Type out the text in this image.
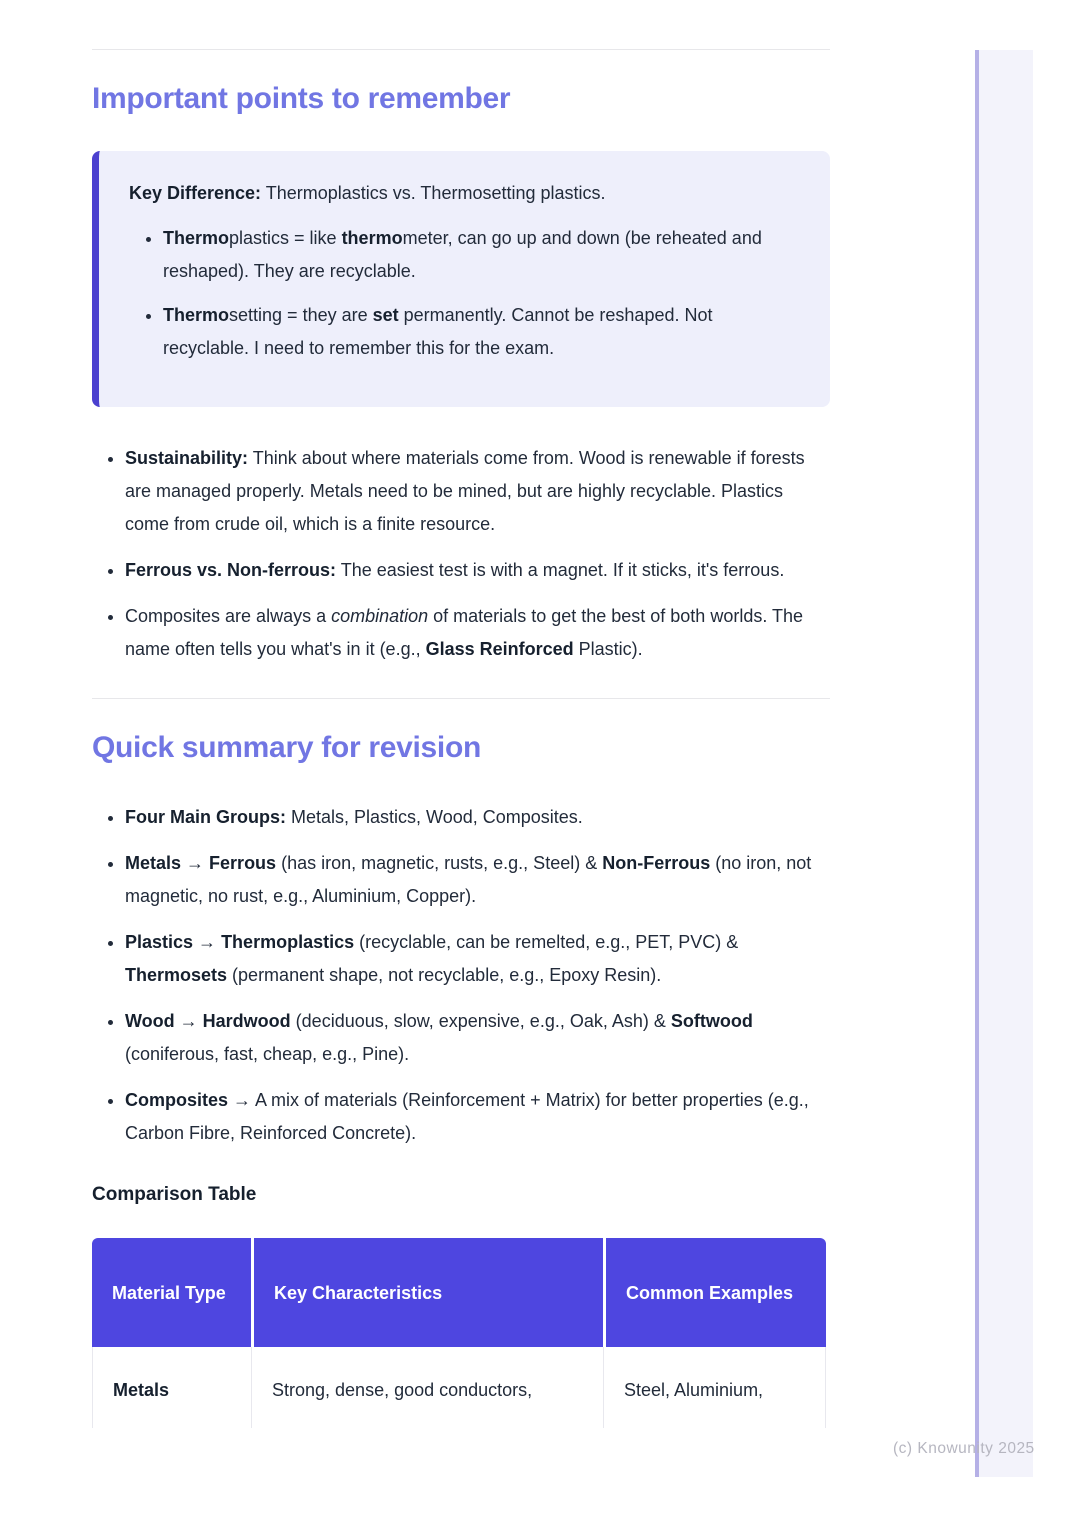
Important points to remember
Key Difference: Thermoplastics vs. Thermosetting plastics.
• Thermoplastics = like thermometer, can go up and down (be reheated and reshaped). They are recyclable.
• Thermosetting = they are set permanently. Cannot be reshaped. Not recyclable. I need to remember this for the exam.
• Sustainability: Think about where materials come from. Wood is renewable if forests are managed properly. Metals need to be mined, but are highly recyclable. Plastics come from crude oil, which is a finite resource.
• Ferrous vs. Non-ferrous: The easiest test is with a magnet. If it sticks, it's ferrous.
• Composites are always a combination of materials to get the best of both worlds. The name often tells you what's in it (e.g., Glass Reinforced Plastic).
Quick summary for revision
• Four Main Groups: Metals, Plastics, Wood, Composites.
• Metals → Ferrous (has iron, magnetic, rusts, e.g., Steel) & Non-Ferrous (no iron, not magnetic, no rust, e.g., Aluminium, Copper).
• Plastics → Thermoplastics (recyclable, can be remelted, e.g., PET, PVC) & Thermosets (permanent shape, not recyclable, e.g., Epoxy Resin).
• Wood → Hardwood (deciduous, slow, expensive, e.g., Oak, Ash) & Softwood (coniferous, fast, cheap, e.g., Pine).
• Composites → A mix of materials (Reinforcement + Matrix) for better properties (e.g., Carbon Fibre, Reinforced Concrete).
Comparison Table
Material Type	Key Characteristics	Common Examples
Metals	Strong, dense, good conductors,	Steel, Aluminium,
(c) Knowunity 2025
